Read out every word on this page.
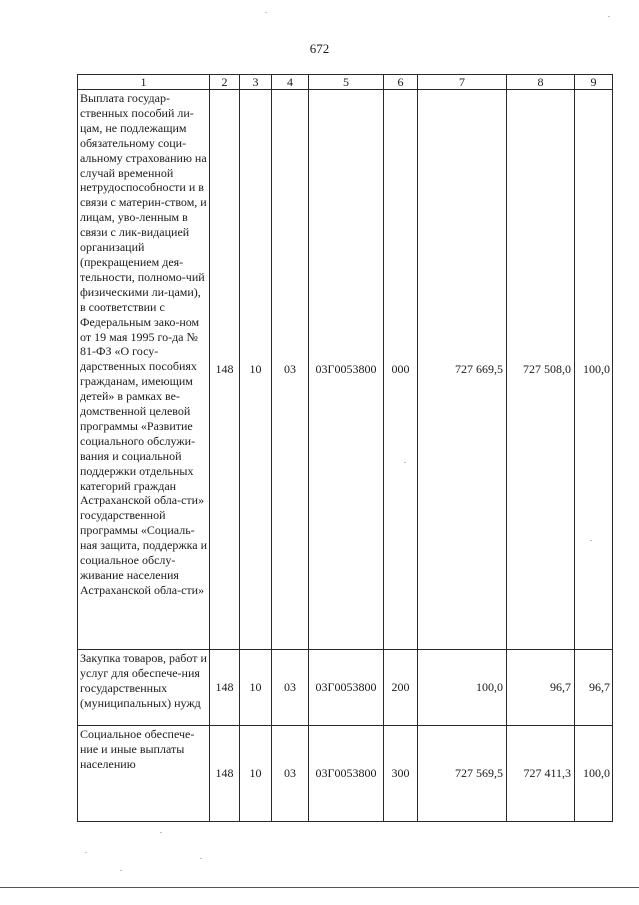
672
1	2	3	4	5	6	7	8	9
Выплата государ-ственных пособий ли-цам, не подлежащим обязательному соци-альному страхованию на случай временной нетрудоспособности и в связи с материн-ством, и лицам, уво-ленным в связи с лик-видацией организаций (прекращением дея-тельности, полномо-чий физическими ли-цами), в соответствии с Федеральным зако-ном от 19 мая 1995 го-да № 81-ФЗ «О госу-дарственных пособиях гражданам, имеющим детей» в рамках ве-домственной целевой программы «Развитие социального обслужи-вания и социальной поддержки отдельных категорий граждан Астраханской обла-сти» государственной программы «Социаль-ная защита, поддержка и социальное обслу-живание населения Астраханской обла-сти»	148	10	03	03Г0053800	000	727 669,5	727 508,0	100,0
Закупка товаров, работ и услуг для обеспече-ния государственных (муниципальных) нужд	148	10	03	03Г0053800	200	100,0	96,7	96,7
Социальное обеспече-ние и иные выплаты населению	148	10	03	03Г0053800	300	727 569,5	727 411,3	100,0
